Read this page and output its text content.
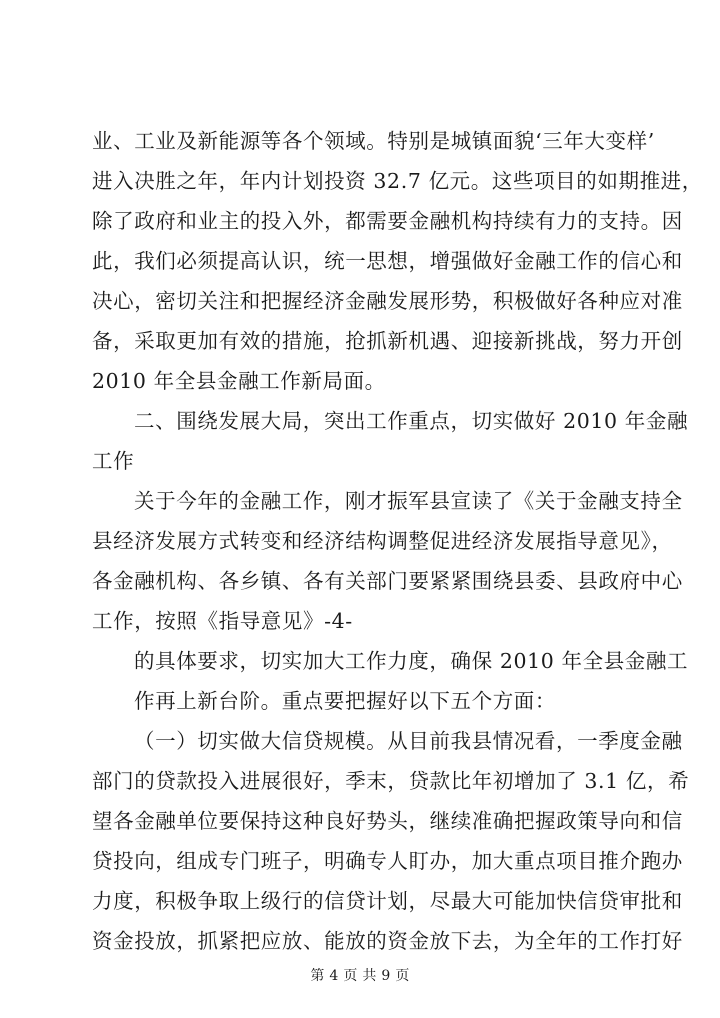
业、工业及新能源等各个领域。特别是城镇面貌‘三年大变样’
进入决胜之年，年内计划投资 32.7 亿元。这些项目的如期推进，
除了政府和业主的投入外，都需要金融机构持续有力的支持。因
此，我们必须提高认识，统一思想，增强做好金融工作的信心和
决心，密切关注和把握经济金融发展形势，积极做好各种应对准
备，采取更加有效的措施，抢抓新机遇、迎接新挑战，努力开创
2010 年全县金融工作新局面。
二、围绕发展大局，突出工作重点，切实做好 2010 年金融
工作
关于今年的金融工作，刚才振军县宣读了《关于金融支持全
县经济发展方式转变和经济结构调整促进经济发展指导意见》，
各金融机构、各乡镇、各有关部门要紧紧围绕县委、县政府中心
工作，按照《指导意见》-4-
的具体要求，切实加大工作力度，确保 2010 年全县金融工
作再上新台阶。重点要把握好以下五个方面：
（一）切实做大信贷规模。从目前我县情况看，一季度金融
部门的贷款投入进展很好，季末，贷款比年初增加了 3.1 亿，希
望各金融单位要保持这种良好势头，继续准确把握政策导向和信
贷投向，组成专门班子，明确专人盯办，加大重点项目推介跑办
力度，积极争取上级行的信贷计划，尽最大可能加快信贷审批和
资金投放，抓紧把应放、能放的资金放下去，为全年的工作打好
第 4 页 共 9 页
